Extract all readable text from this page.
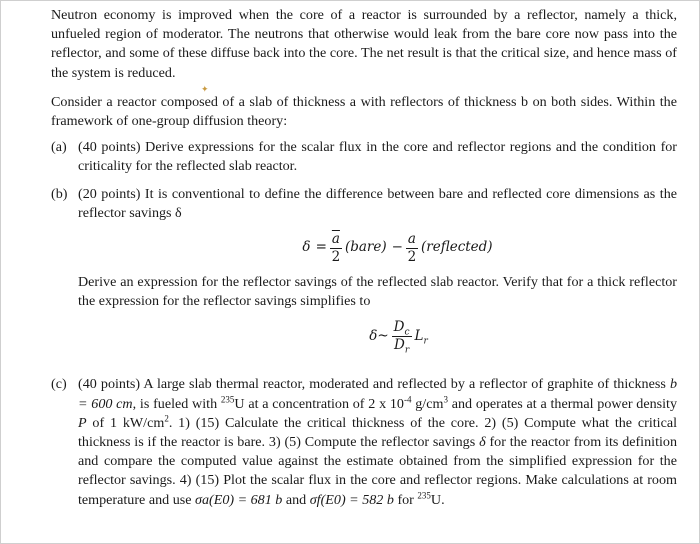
Neutron economy is improved when the core of a reactor is surrounded by a reflector, namely a thick, unfueled region of moderator. The neutrons that otherwise would leak from the bare core now pass into the reflector, and some of these diffuse back into the core. The net result is that the critical size, and hence mass of the system is reduced.

✦

Consider a reactor composed of a slab of thickness a with reflectors of thickness b on both sides. Within the framework of one-group diffusion theory:

(a) (40 points) Derive expressions for the scalar flux in the core and reflector regions and the condition for criticality for the reflected slab reactor.

(b) (20 points) It is conventional to define the difference between bare and reflected core dimensions as the reflector savings δ

$\delta = \frac{\overline{a}}{2}$ (bare) − $\frac{a}{2}$ (reflected)

Derive an expression for the reflector savings of the reflected slab reactor. Verify that for a thick reflector the expression for the reflector savings simplifies to

δ~ $\frac{D_c}{D_r} L_r$
(c) (40 points) A large slab thermal reactor, moderated and reflected by a reflector of graphite of thickness b = 600 cm, is fueled with $^{235}$U at a concentration of 2 x $10^{-4}$ $g/cm^3$ and operates at a thermal power density P of 1 $kW/cm^2$. 1) (15) Calculate the critical thickness of the core. 2) (5) Compute what the critical thickness is if the reactor is bare. 3) (5) Compute the reflector savings δ for the reactor from its definition and compare the computed value against the estimate obtained from the simplified expression for the reflector savings. 4) (15) Plot the scalar flux in the core and reflector regions. Make calculations at room temperature and use σa(E0) = 681 b and σf(E0) = 582 b for $^{235}$U.
